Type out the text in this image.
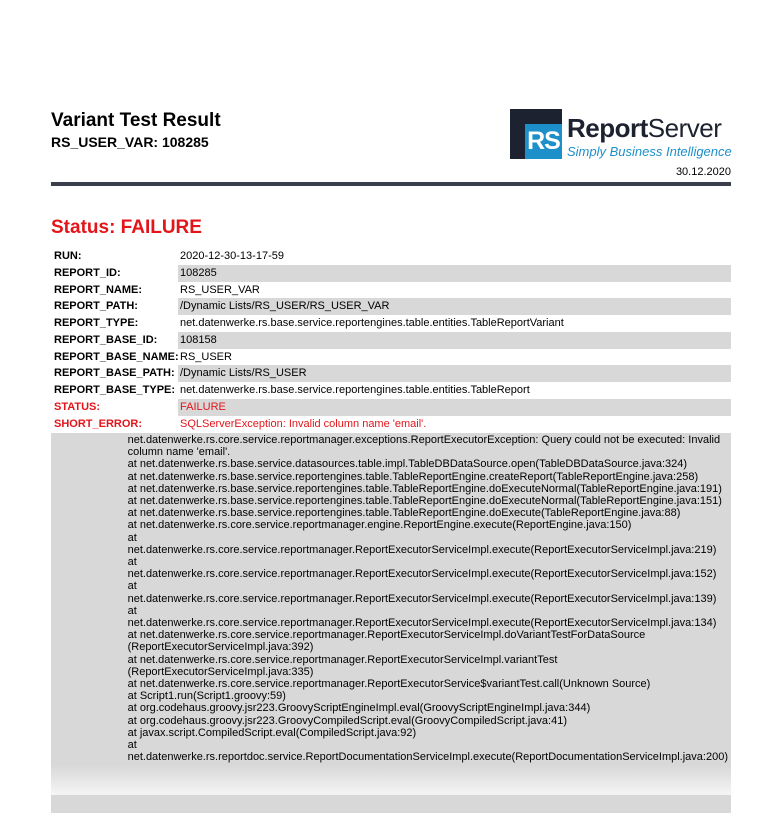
Variant Test Result
RS_USER_VAR: 108285	RS ReportServer
Simply Business Intelligence
30.12.2020
Status: FAILURE
RUN:	2020-12-30-13-17-59
REPORT_ID:	108285
REPORT_NAME:	RS_USER_VAR
REPORT_PATH:	/Dynamic Lists/RS_USER/RS_USER_VAR
REPORT_TYPE:	net.datenwerke.rs.base.service.reportengines.table.entities.TableReportVariant
REPORT_BASE_ID:	108158
REPORT_BASE_NAME: RS_USER
REPORT_BASE_PATH: /Dynamic Lists/RS_USER
REPORT_BASE_TYPE: net.datenwerke.rs.base.service.reportengines.table.entities.TableReport
STATUS:	FAILURE
SHORT_ERROR:	SQLServerException: Invalid column name 'email'.
net.datenwerke.rs.core.service.reportmanager.exceptions.ReportExecutorException: Query could not be executed: Invalid column name 'email'.
at net.datenwerke.rs.base.service.datasources.table.impl.TableDBDataSource.open(TableDBDataSource.java:324)
at net.datenwerke.rs.base.service.reportengines.table.TableReportEngine.createReport(TableReportEngine.java:258)
at net.datenwerke.rs.base.service.reportengines.table.TableReportEngine.doExecuteNormal(TableReportEngine.java:191)
at net.datenwerke.rs.base.service.reportengines.table.TableReportEngine.doExecuteNormal(TableReportEngine.java:151)
at net.datenwerke.rs.base.service.reportengines.table.TableReportEngine.doExecute(TableReportEngine.java:88)
at net.datenwerke.rs.core.service.reportmanager.engine.ReportEngine.execute(ReportEngine.java:150)
at net.datenwerke.rs.core.service.reportmanager.ReportExecutorServiceImpl.execute(ReportExecutorServiceImpl.java:219)
at net.datenwerke.rs.core.service.reportmanager.ReportExecutorServiceImpl.execute(ReportExecutorServiceImpl.java:152)
at net.datenwerke.rs.core.service.reportmanager.ReportExecutorServiceImpl.execute(ReportExecutorServiceImpl.java:139)
at net.datenwerke.rs.core.service.reportmanager.ReportExecutorServiceImpl.execute(ReportExecutorServiceImpl.java:134)
at net.datenwerke.rs.core.service.reportmanager.ReportExecutorServiceImpl.doVariantTestForDataSource (ReportExecutorServiceImpl.java:392)
at net.datenwerke.rs.core.service.reportmanager.ReportExecutorServiceImpl.variantTest (ReportExecutorServiceImpl.java:335)
at net.datenwerke.rs.core.service.reportmanager.ReportExecutorService$variantTest.call(Unknown Source)
at Script1.run(Script1.groovy:59)
at org.codehaus.groovy.jsr223.GroovyScriptEngineImpl.eval(GroovyScriptEngineImpl.java:344)
at org.codehaus.groovy.jsr223.GroovyCompiledScript.eval(GroovyCompiledScript.java:41)
at javax.script.CompiledScript.eval(CompiledScript.java:92)
at net.datenwerke.rs.reportdoc.service.ReportDocumentationServiceImpl.execute(ReportDocumentationServiceImpl.java:200)
